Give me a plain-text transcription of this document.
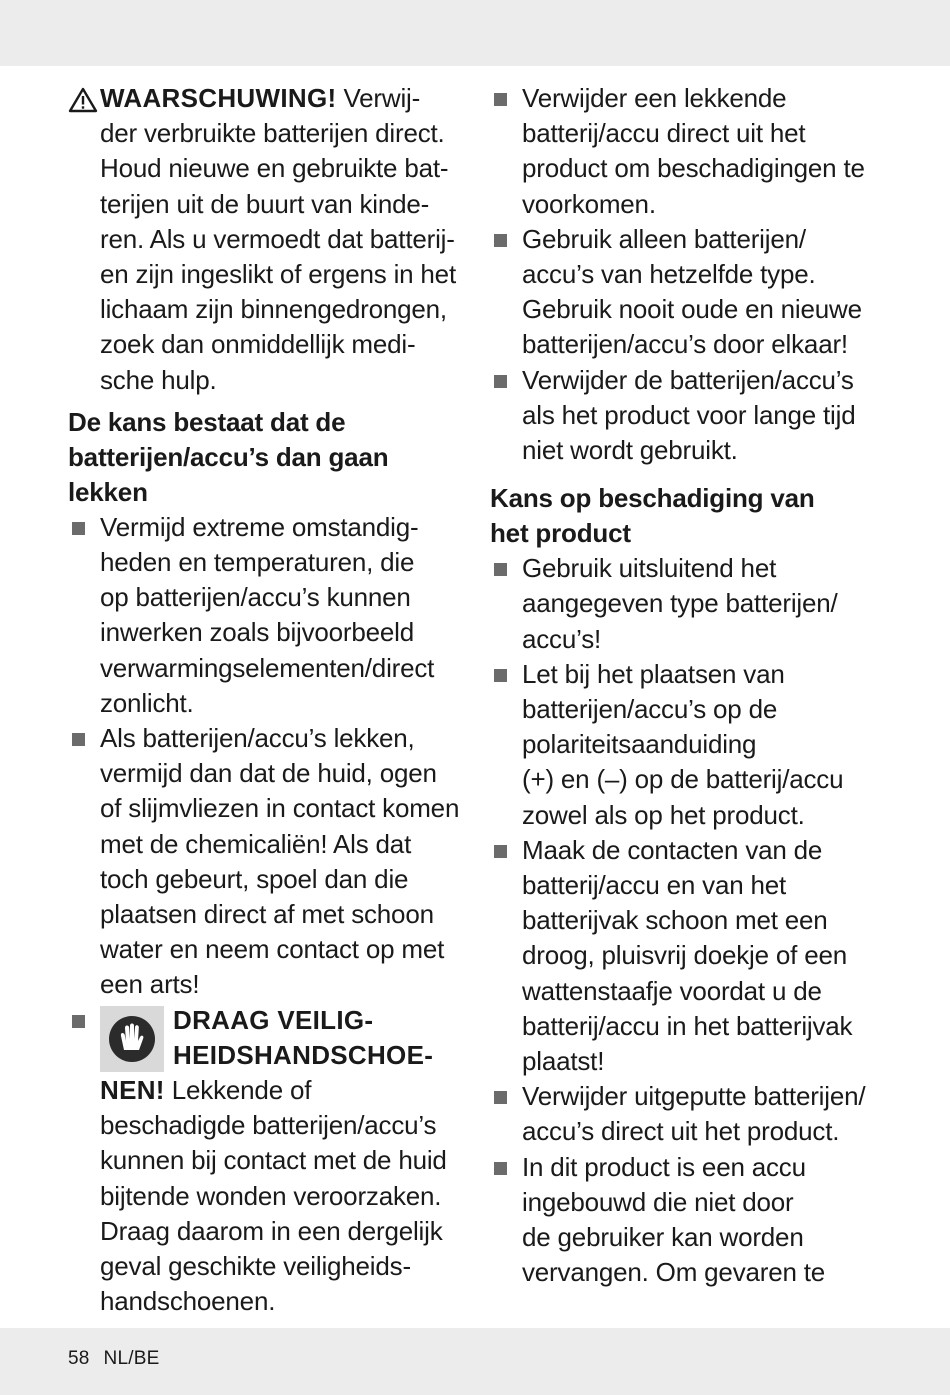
WAARSCHUWING! Verwij-
der verbruikte batterijen direct.
Houd nieuwe en gebruikte bat-
terijen uit de buurt van kinde-
ren. Als u vermoedt dat batterij-
en zijn ingeslikt of ergens in het
lichaam zijn binnengedrongen,
zoek dan onmiddellijk medi-
sche hulp.
De kans bestaat dat de
batterijen/accu’s dan gaan
lekken
Vermijd extreme omstandig-
heden en temperaturen, die
op batterijen/accu’s kunnen
inwerken zoals bijvoorbeeld
verwarmingselementen/direct
zonlicht.
Als batterijen/accu’s lekken,
vermijd dan dat de huid, ogen
of slijmvliezen in contact komen
met de chemicaliën! Als dat
toch gebeurt, spoel dan die
plaatsen direct af met schoon
water en neem contact op met
een arts!
DRAAG VEILIG-
HEIDSHANDSCHOE-
NEN! Lekkende of
beschadigde batterijen/accu’s
kunnen bij contact met de huid
bijtende wonden veroorzaken.
Draag daarom in een dergelijk
geval geschikte veiligheids-
handschoenen.
Verwijder een lekkende
batterij/accu direct uit het
product om beschadigingen te
voorkomen.
Gebruik alleen batterijen/
accu’s van hetzelfde type.
Gebruik nooit oude en nieuwe
batterijen/accu’s door elkaar!
Verwijder de batterijen/accu’s
als het product voor lange tijd
niet wordt gebruikt.
Kans op beschadiging van
het product
Gebruik uitsluitend het
aangegeven type batterijen/
accu’s!
Let bij het plaatsen van
batterijen/accu’s op de
polariteitsaanduiding
(+) en (–) op de batterij/accu
zowel als op het product.
Maak de contacten van de
batterij/accu en van het
batterijvak schoon met een
droog, pluisvrij doekje of een
wattenstaafje voordat u de
batterij/accu in het batterijvak
plaatst!
Verwijder uitgeputte batterijen/
accu’s direct uit het product.
In dit product is een accu
ingebouwd die niet door
de gebruiker kan worden
vervangen. Om gevaren te
58 NL/BE
